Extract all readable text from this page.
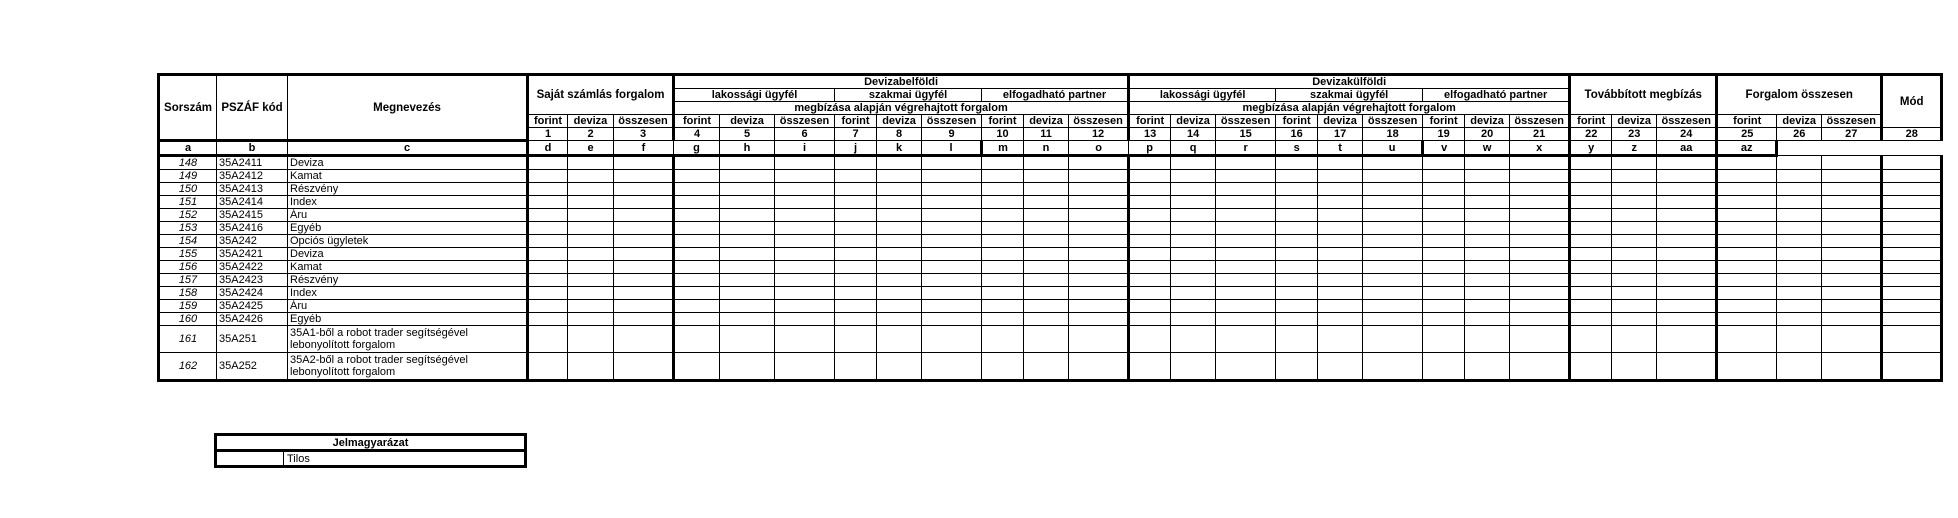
Sorszám	PSZÁF kód	Megnevezés	Saját számlás forgalom			Devizabelföldi									Devizakülföldi									Továbbított megbízás			Forgalom összesen			Mód
						lakossági ügyfél			szakmai ügyfél			elfogadható partner			lakossági ügyfél			szakmai ügyfél			elfogadható partner									
						megbízása alapján végrehajtott forgalom									megbízása alapján végrehajtott forgalom															
			forint	deviza	összesen	forint	deviza	összesen	forint	deviza	összesen	forint	deviza	összesen	forint	deviza	összesen	forint	deviza	összesen	forint	deviza	összesen	forint	deviza	összesen	forint	deviza	összesen	
			1	2	3	4	5	6	7	8	9	10	11	12	13	14	15	16	17	18	19	20	21	22	23	24	25	26	27	28
a	b	c	d	e	f	g	h	i	j	k	l	m	n	o	p	q	r	s	t	u	v	w	x	y	z	aa	az			
148	35A2411	Deviza																												
149	35A2412	Kamat																												
150	35A2413	Részvény																												
151	35A2414	Index																												
152	35A2415	Áru																												
153	35A2416	Egyéb																												
154	35A242	Opciós ügyletek																												
155	35A2421	Deviza																												
156	35A2422	Kamat																												
157	35A2423	Részvény																												
158	35A2424	Index																												
159	35A2425	Áru																												
160	35A2426	Egyéb																												
161	35A251	35A1-ből a robot trader segítségével lebonyolított forgalom																												
162	35A252	35A2-ből a robot trader segítségével lebonyolított forgalom																												
Jelmagyarázat
	Tilos
